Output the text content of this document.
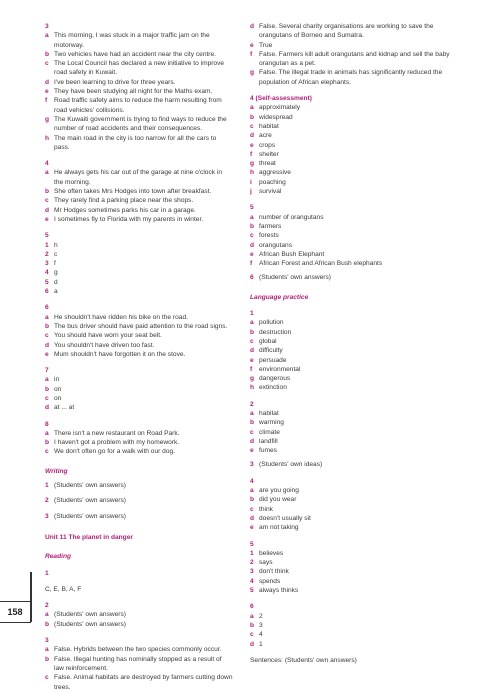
3
a This morning, I was stuck in a major traffic jam on the motorway.
b Two vehicles have had an accident near the city centre.
c The Local Council has declared a new initiative to improve road safety in Kuwait.
d I've been learning to drive for three years.
e They have been studying all night for the Maths exam.
f	Road traffic safety aims to reduce the harm resulting from road vehicles' collisions.
g The Kuwaiti government is trying to find ways to reduce the number of road accidents and their consequences.
h The main road in the city is too narrow for all the cars to pass.
4
a He always gets his car out of the garage at nine o'clock in the morning.
b She often takes Mrs Hodges into town after breakfast.
c They rarely find a parking place near the shops.
d Mr Hodges sometimes parks his car in a garage.
e I sometimes fly to Florida with my parents in winter.
5
1 h
2 c
3 f
4 g
5 d
6 a
6
a He shouldn't have ridden his bike on the road.
b The bus driver should have paid attention to the road signs.
c You should have worn your seat belt.
d You shouldn't have driven too fast.
e Mum shouldn't have forgotten it on the stove.
7
a in
b on
c on
d at ... at
8
a There isn't a new restaurant on Road Park.
b I haven't got a problem with my homework.
c We don't often go for a walk with our dog.
Writing
1 (Students' own answers)
2 (Students' own answers)
3 (Students' own answers)
Unit 11 The planet in danger
Reading
1
C, E, B, A, F
2
a (Students' own answers)
b (Students' own answers)
3
a False. Hybrids between the two species commonly occur.
b False. Illegal hunting has nominally stopped as a result of law reinforcement.
c False. Animal habitats are destroyed by farmers cutting down trees.
d False. Several charity organisations are working to save the orangutans of Borneo and Sumatra.
e True
f	False. Farmers kill adult orangutans and kidnap and sell the baby orangutan as a pet.
g False. The illegal trade in animals has significantly reduced the population of African elephants.
4 (Self-assessment)
a approximately
b widespread
c habitat
d acre
e crops
f	shelter
g threat
h aggressive
i	poaching
j	survival
5
a number of orangutans
b farmers
c forests
d orangutans
e African Bush Elephant
f	African Forest and African Bush elephants
6 (Students' own answers)
Language practice
1
a pollution
b destruction
c global
d difficulty
e persuade
f	environmental
g dangerous
h extinction
2
a habitat
b warming
c climate
d landfill
e fumes
3 (Students' own ideas)
4
a are you going
b did you wear
c think
d doesn't usually sit
e am not taking
5
1 believes
2 says
3 don't think
4 spends
5 always thinks
6
a 2
b 3
c 4
d 1
Sentences: (Students' own answers)
158
